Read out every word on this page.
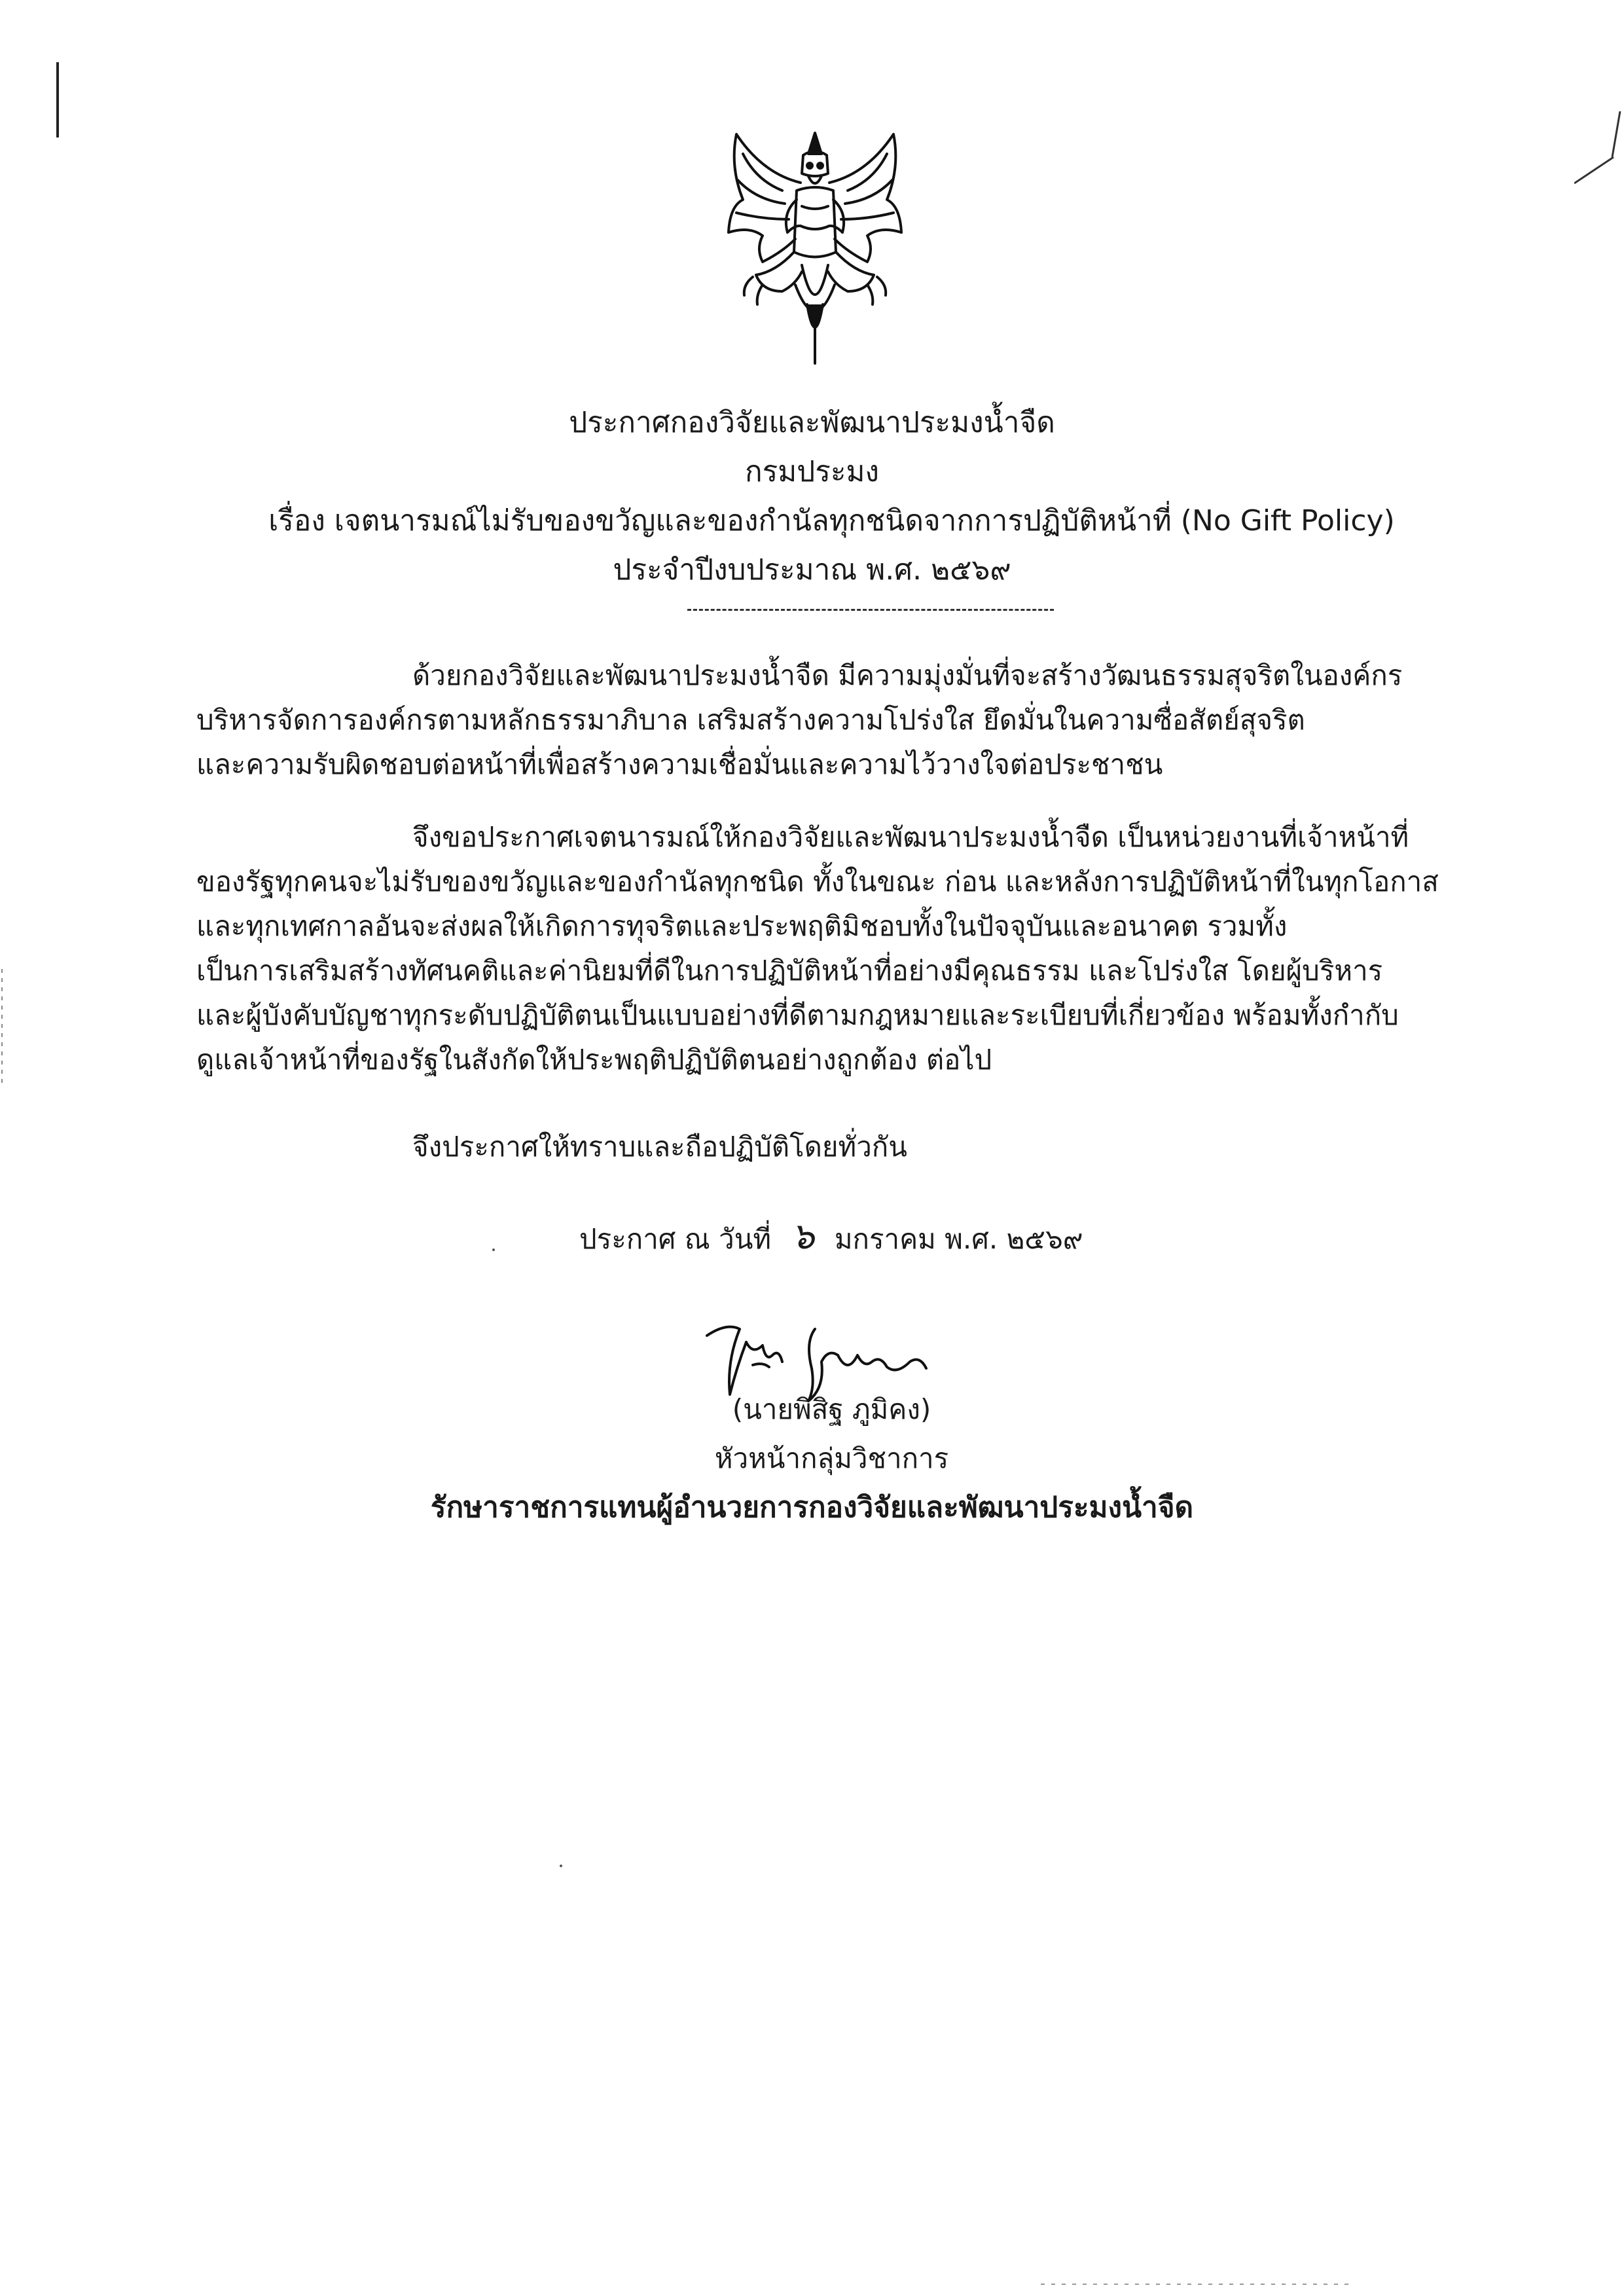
ประกาศกองวิจัยและพัฒนาประมงน้ำจืด
กรมประมง
เรื่อง เจตนารมณ์ไม่รับของขวัญและของกำนัลทุกชนิดจากการปฏิบัติหน้าที่ (No Gift Policy)
ประจำปีงบประมาณ พ.ศ. ๒๕๖๙

ด้วยกองวิจัยและพัฒนาประมงน้ำจืด มีความมุ่งมั่นที่จะสร้างวัฒนธรรมสุจริตในองค์กร

บริหารจัดการองค์กรตามหลักธรรมาภิบาล เสริมสร้างความโปร่งใส ยึดมั่นในความซื่อสัตย์สุจริต

และความรับผิดชอบต่อหน้าที่เพื่อสร้างความเชื่อมั่นและความไว้วางใจต่อประชาชน

จึงขอประกาศเจตนารมณ์ให้กองวิจัยและพัฒนาประมงน้ำจืด เป็นหน่วยงานที่เจ้าหน้าที่

ของรัฐทุกคนจะไม่รับของขวัญและของกำนัลทุกชนิด ทั้งในขณะ ก่อน และหลังการปฏิบัติหน้าที่ในทุกโอกาส

และทุกเทศกาลอันจะส่งผลให้เกิดการทุจริตและประพฤติมิชอบทั้งในปัจจุบันและอนาคต รวมทั้ง

เป็นการเสริมสร้างทัศนคติและค่านิยมที่ดีในการปฏิบัติหน้าที่อย่างมีคุณธรรม และโปร่งใส โดยผู้บริหาร

และผู้บังคับบัญชาทุกระดับปฏิบัติตนเป็นแบบอย่างที่ดีตามกฎหมายและระเบียบที่เกี่ยวข้อง พร้อมทั้งกำกับ

ดูแลเจ้าหน้าที่ของรัฐในสังกัดให้ประพฤติปฏิบัติตนอย่างถูกต้อง ต่อไป

จึงประกาศให้ทราบและถือปฏิบัติโดยทั่วกัน
ประกาศ ณ วันที่ ๖ มกราคม พ.ศ. ๒๕๖๙
(นายพิสิฐ ภูมิคง)
หัวหน้ากลุ่มวิชาการ
รักษาราชการแทนผู้อำนวยการกองวิจัยและพัฒนาประมงน้ำจืด
